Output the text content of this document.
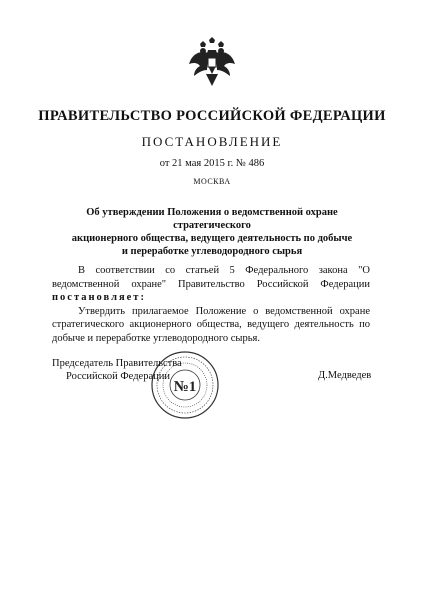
ПРАВИТЕЛЬСТВО РОССИЙСКОЙ ФЕДЕРАЦИИ
ПОСТАНОВЛЕНИЕ
от 21 мая 2015 г. № 486
МОСКВА
Об утверждении Положения о ведомственной охране стратегического
акционерного общества, ведущего деятельность по добыче
и переработке углеводородного сырья

В соответствии со статьей 5 Федерального закона "О ведомственной охране" Правительство Российской Федерации постановляет:

Утвердить прилагаемое Положение о ведомственной охране стратегического акционерного общества, ведущего деятельность по добыче и переработке углеводородного сырья.

№1
Председатель Правительства
Российской Федерации	Д.Медведев
